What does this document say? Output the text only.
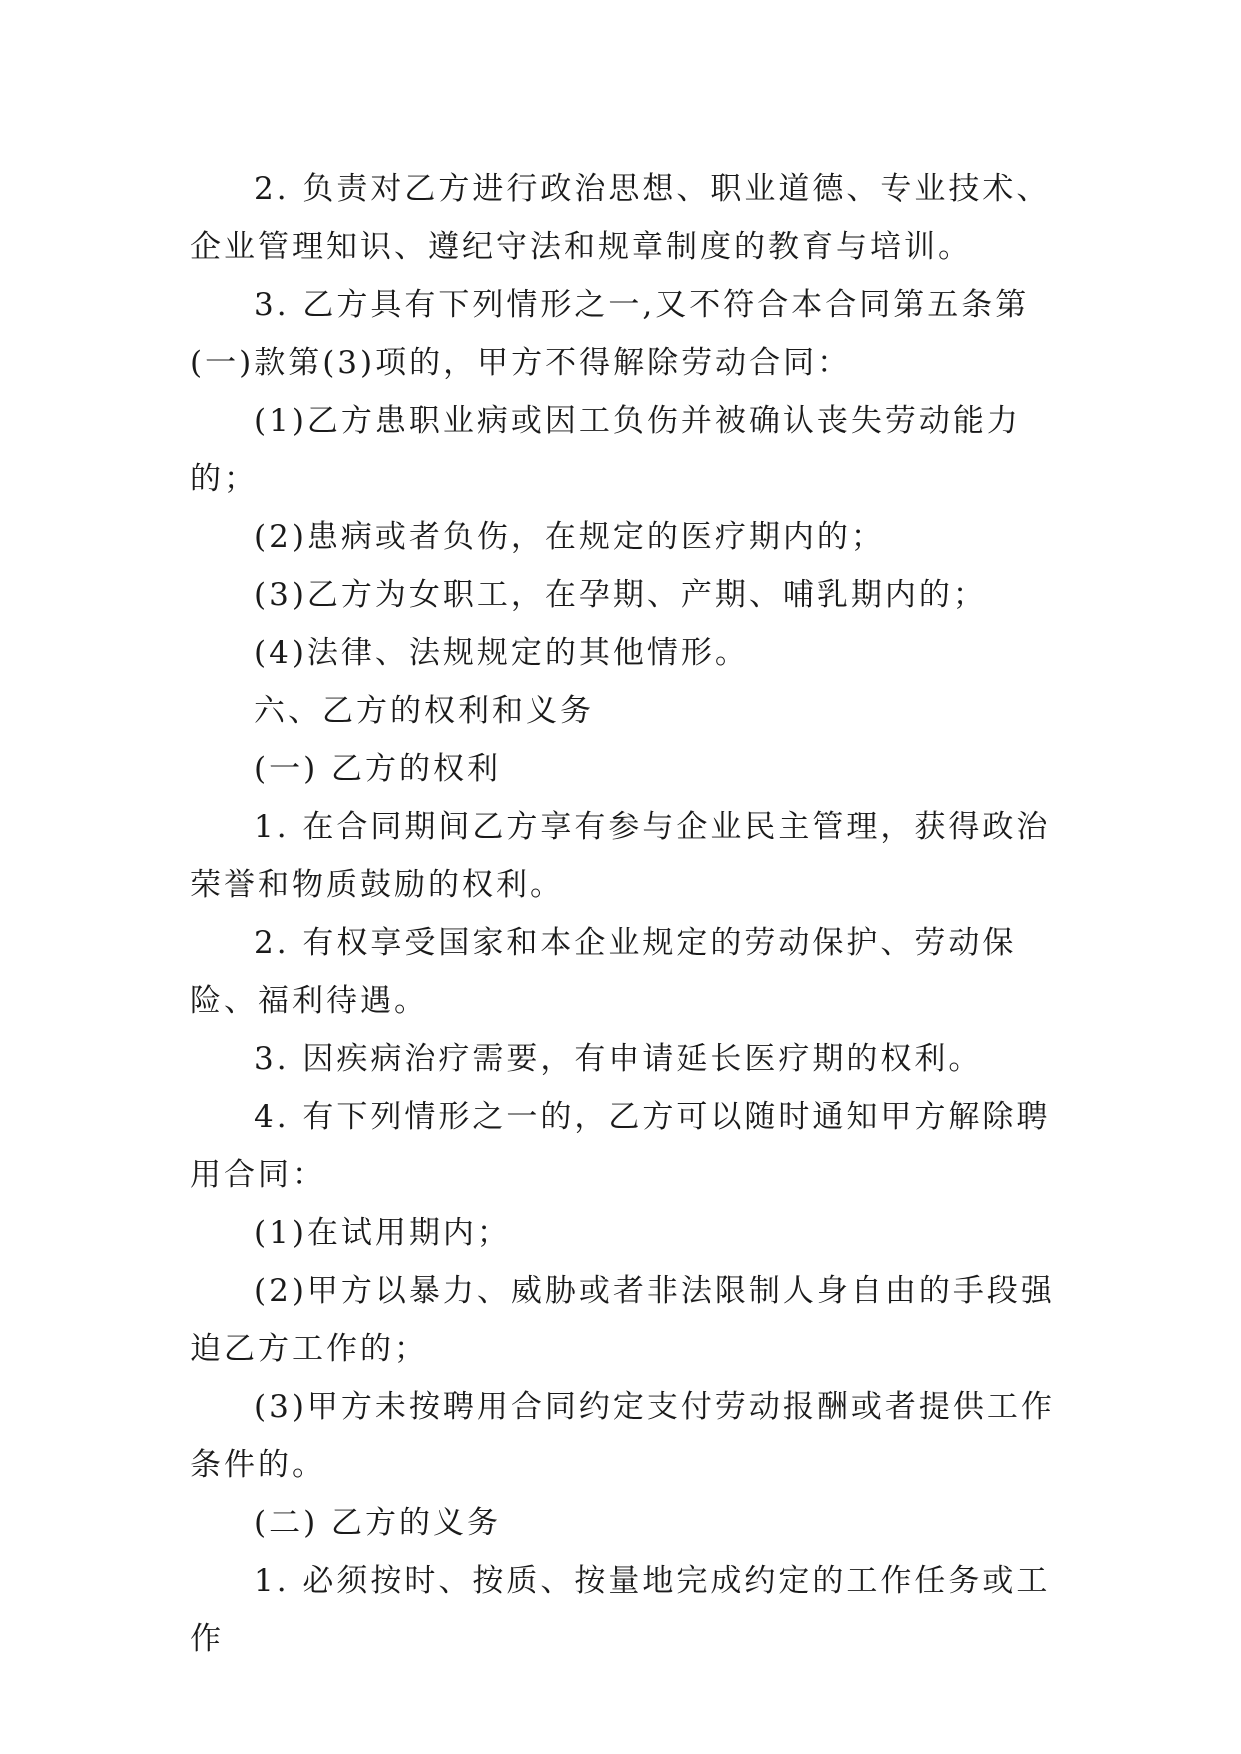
2. 负责对乙方进行政治思想、职业道德、专业技术、企业管理知识、遵纪守法和规章制度的教育与培训。

3. 乙方具有下列情形之一,又不符合本合同第五条第(一)款第(3)项的，甲方不得解除劳动合同：

(1)乙方患职业病或因工负伤并被确认丧失劳动能力的；

(2)患病或者负伤，在规定的医疗期内的；

(3)乙方为女职工，在孕期、产期、哺乳期内的；

(4)法律、法规规定的其他情形。

六、乙方的权利和义务

(一) 乙方的权利

1. 在合同期间乙方享有参与企业民主管理，获得政治荣誉和物质鼓励的权利。

2. 有权享受国家和本企业规定的劳动保护、劳动保险、福利待遇。

3. 因疾病治疗需要，有申请延长医疗期的权利。

4. 有下列情形之一的，乙方可以随时通知甲方解除聘用合同：

(1)在试用期内；

(2)甲方以暴力、威胁或者非法限制人身自由的手段强迫乙方工作的；

(3)甲方未按聘用合同约定支付劳动报酬或者提供工作条件的。

(二) 乙方的义务

1. 必须按时、按质、按量地完成约定的工作任务或工作
